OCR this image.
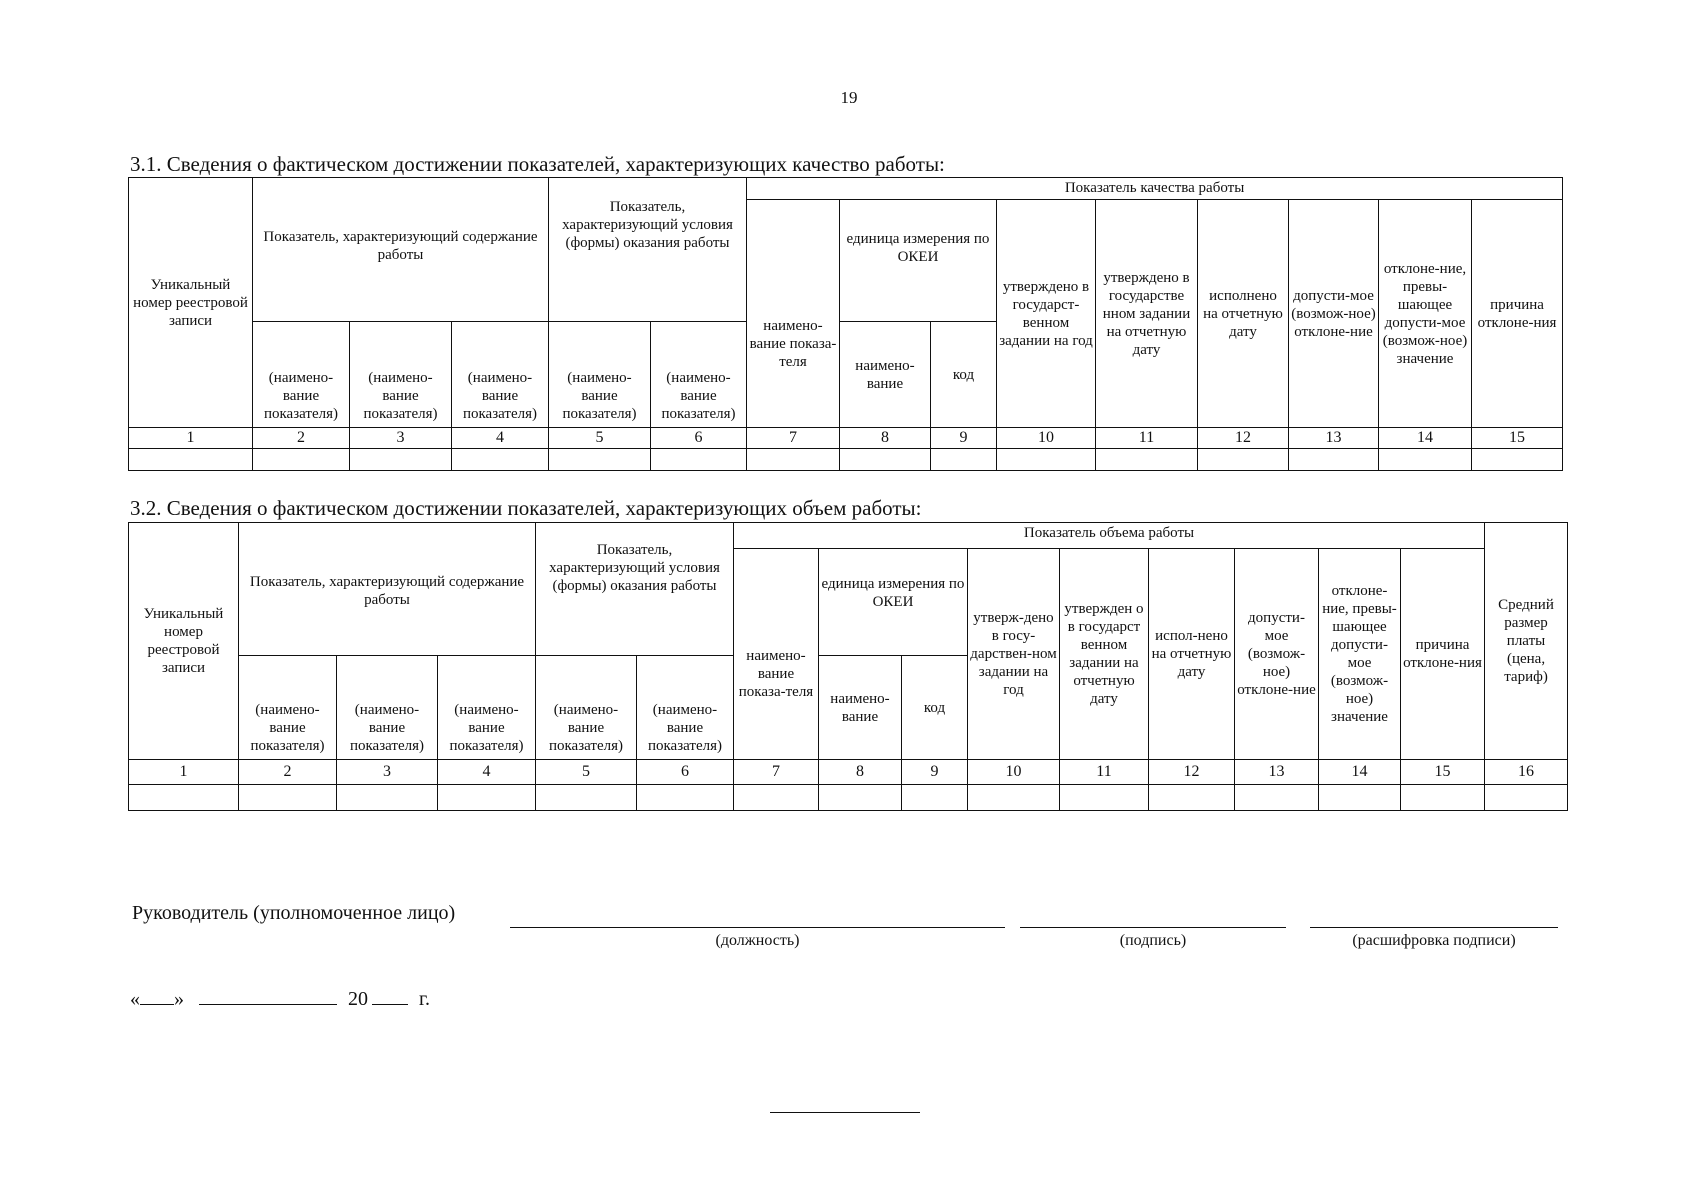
19
3.1. Сведения о фактическом достижении показателей, характеризующих качество работы:
Уникальный номер реестровой записи	Показатель, характеризующий содержание работы			Показатель, характеризующий условия (формы) оказания работы		Показатель качества работы								
						наимено-вание показа-теля	единица измерения по ОКЕИ		утверждено в государст-венном задании на год	утверждено в государстве нном задании на отчетную дату	исполнено на отчетную дату	допусти-мое (возмож-ное) отклоне-ние	отклоне-ние, превы-шающее допусти-мое (возмож-ное) значение	причина отклоне-ния
	(наимено-вание показателя)	(наимено-вание показателя)	(наимено-вание показателя)	(наимено-вание показателя)	(наимено-вание показателя)		наимено-вание	код						
1	2	3	4	5	6	7	8	9	10	11	12	13	14	15

3.2. Сведения о фактическом достижении показателей, характеризующих объем работы:
Уникальный номер реестровой записи	Показатель, характеризующий содержание работы			Показатель, характеризующий условия (формы) оказания работы		Показатель объема работы									Средний размер платы (цена, тариф)
						наимено-вание показа-теля	единица измерения по ОКЕИ		утверж-дено в госу-дарствен-ном задании на год	утвержден о в государст венном задании на отчетную дату	испол-нено на отчетную дату	допусти-мое (возмож-ное) отклоне-ние	отклоне-ние, превы-шающее допусти-мое (возмож-ное) значение	причина отклоне-ния	
	(наимено-вание показателя)	(наимено-вание показателя)	(наимено-вание показателя)	(наимено-вание показателя)	(наимено-вание показателя)		наимено-вание	код							
1	2	3	4	5	6	7	8	9	10	11	12	13	14	15	16

Руководитель (уполномоченное лицо)
(должность)	(подпись)	(расшифровка подписи)
« »	20	г.
